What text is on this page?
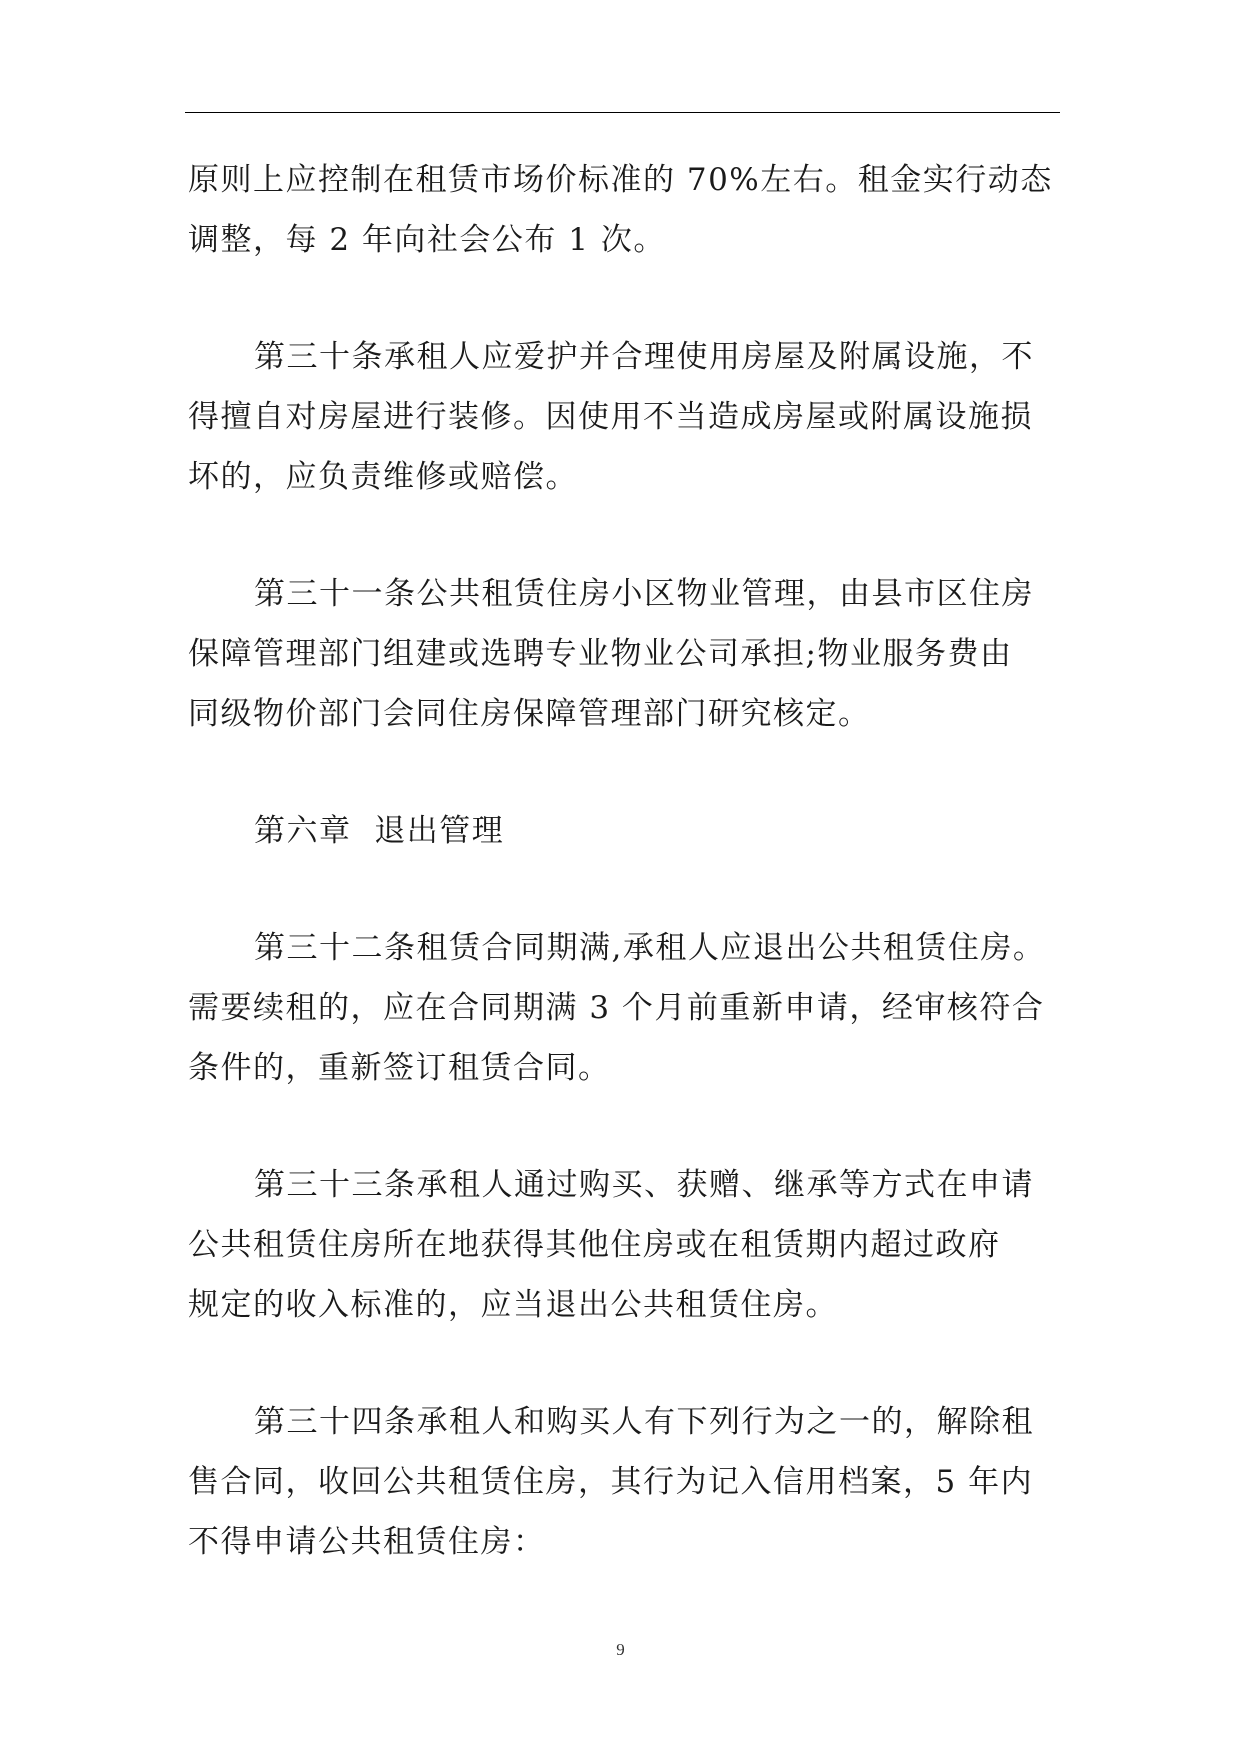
原则上应控制在租赁市场价标准的 70%左右。租金实行动态
调整，每 2 年向社会公布 1 次。

第三十条承租人应爱护并合理使用房屋及附属设施，不
得擅自对房屋进行装修。因使用不当造成房屋或附属设施损
坏的，应负责维修或赔偿。

第三十一条公共租赁住房小区物业管理，由县市区住房
保障管理部门组建或选聘专业物业公司承担;物业服务费由
同级物价部门会同住房保障管理部门研究核定。

第六章  退出管理

第三十二条租赁合同期满,承租人应退出公共租赁住房。
需要续租的，应在合同期满 3 个月前重新申请，经审核符合
条件的，重新签订租赁合同。

第三十三条承租人通过购买、获赠、继承等方式在申请
公共租赁住房所在地获得其他住房或在租赁期内超过政府
规定的收入标准的，应当退出公共租赁住房。

第三十四条承租人和购买人有下列行为之一的，解除租
售合同，收回公共租赁住房，其行为记入信用档案，5 年内
不得申请公共租赁住房：

9
